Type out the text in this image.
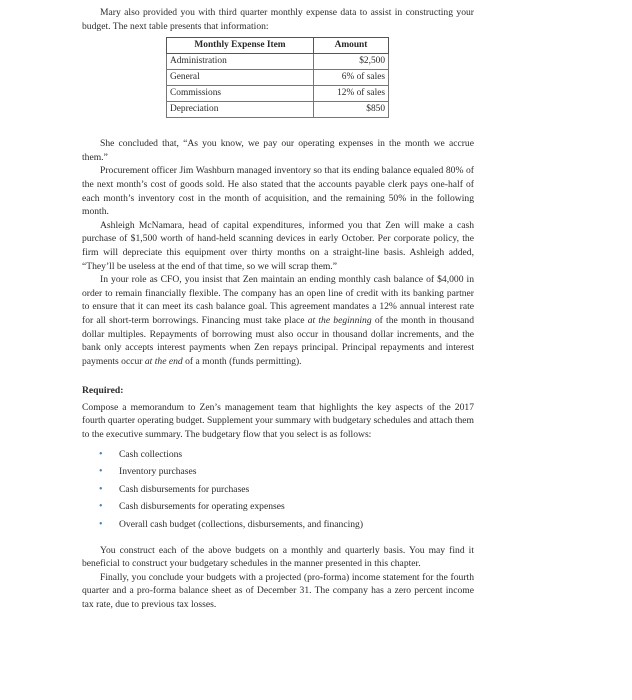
Mary also provided you with third quarter monthly expense data to assist in constructing your budget. The next table presents that information:

Monthly Expense Item	Amount
Administration	$2,500
General	6% of sales
Commissions	12% of sales
Depreciation	$850

She concluded that, “As you know, we pay our operating expenses in the month we accrue them.”

Procurement officer Jim Washburn managed inventory so that its ending balance equaled 80% of the next month’s cost of goods sold. He also stated that the accounts payable clerk pays one-half of each month’s inventory cost in the month of acquisition, and the remaining 50% in the following month.

Ashleigh McNamara, head of capital expenditures, informed you that Zen will make a cash purchase of $1,500 worth of hand-held scanning devices in early October. Per corporate policy, the firm will depreciate this equipment over thirty months on a straight-line basis. Ashleigh added, “They’ll be useless at the end of that time, so we will scrap them.”

In your role as CFO, you insist that Zen maintain an ending monthly cash balance of $4,000 in order to remain financially flexible. The company has an open line of credit with its banking partner to ensure that it can meet its cash balance goal. This agreement mandates a 12% annual interest rate for all short-term borrowings. Financing must take place at the beginning of the month in thousand dollar multiples. Repayments of borrowing must also occur in thousand dollar increments, and the bank only accepts interest payments when Zen repays principal. Principal repayments and interest payments occur at the end of a month (funds permitting).

Required:

Compose a memorandum to Zen’s management team that highlights the key aspects of the 2017 fourth quarter operating budget. Supplement your summary with budgetary schedules and attach them to the executive summary. The budgetary flow that you select is as follows:

• Cash collections
• Inventory purchases
• Cash disbursements for purchases
• Cash disbursements for operating expenses
• Overall cash budget (collections, disbursements, and financing)

You construct each of the above budgets on a monthly and quarterly basis. You may find it beneficial to construct your budgetary schedules in the manner presented in this chapter.

Finally, you conclude your budgets with a projected (pro-forma) income statement for the fourth quarter and a pro-forma balance sheet as of December 31. The company has a zero percent income tax rate, due to previous tax losses.
